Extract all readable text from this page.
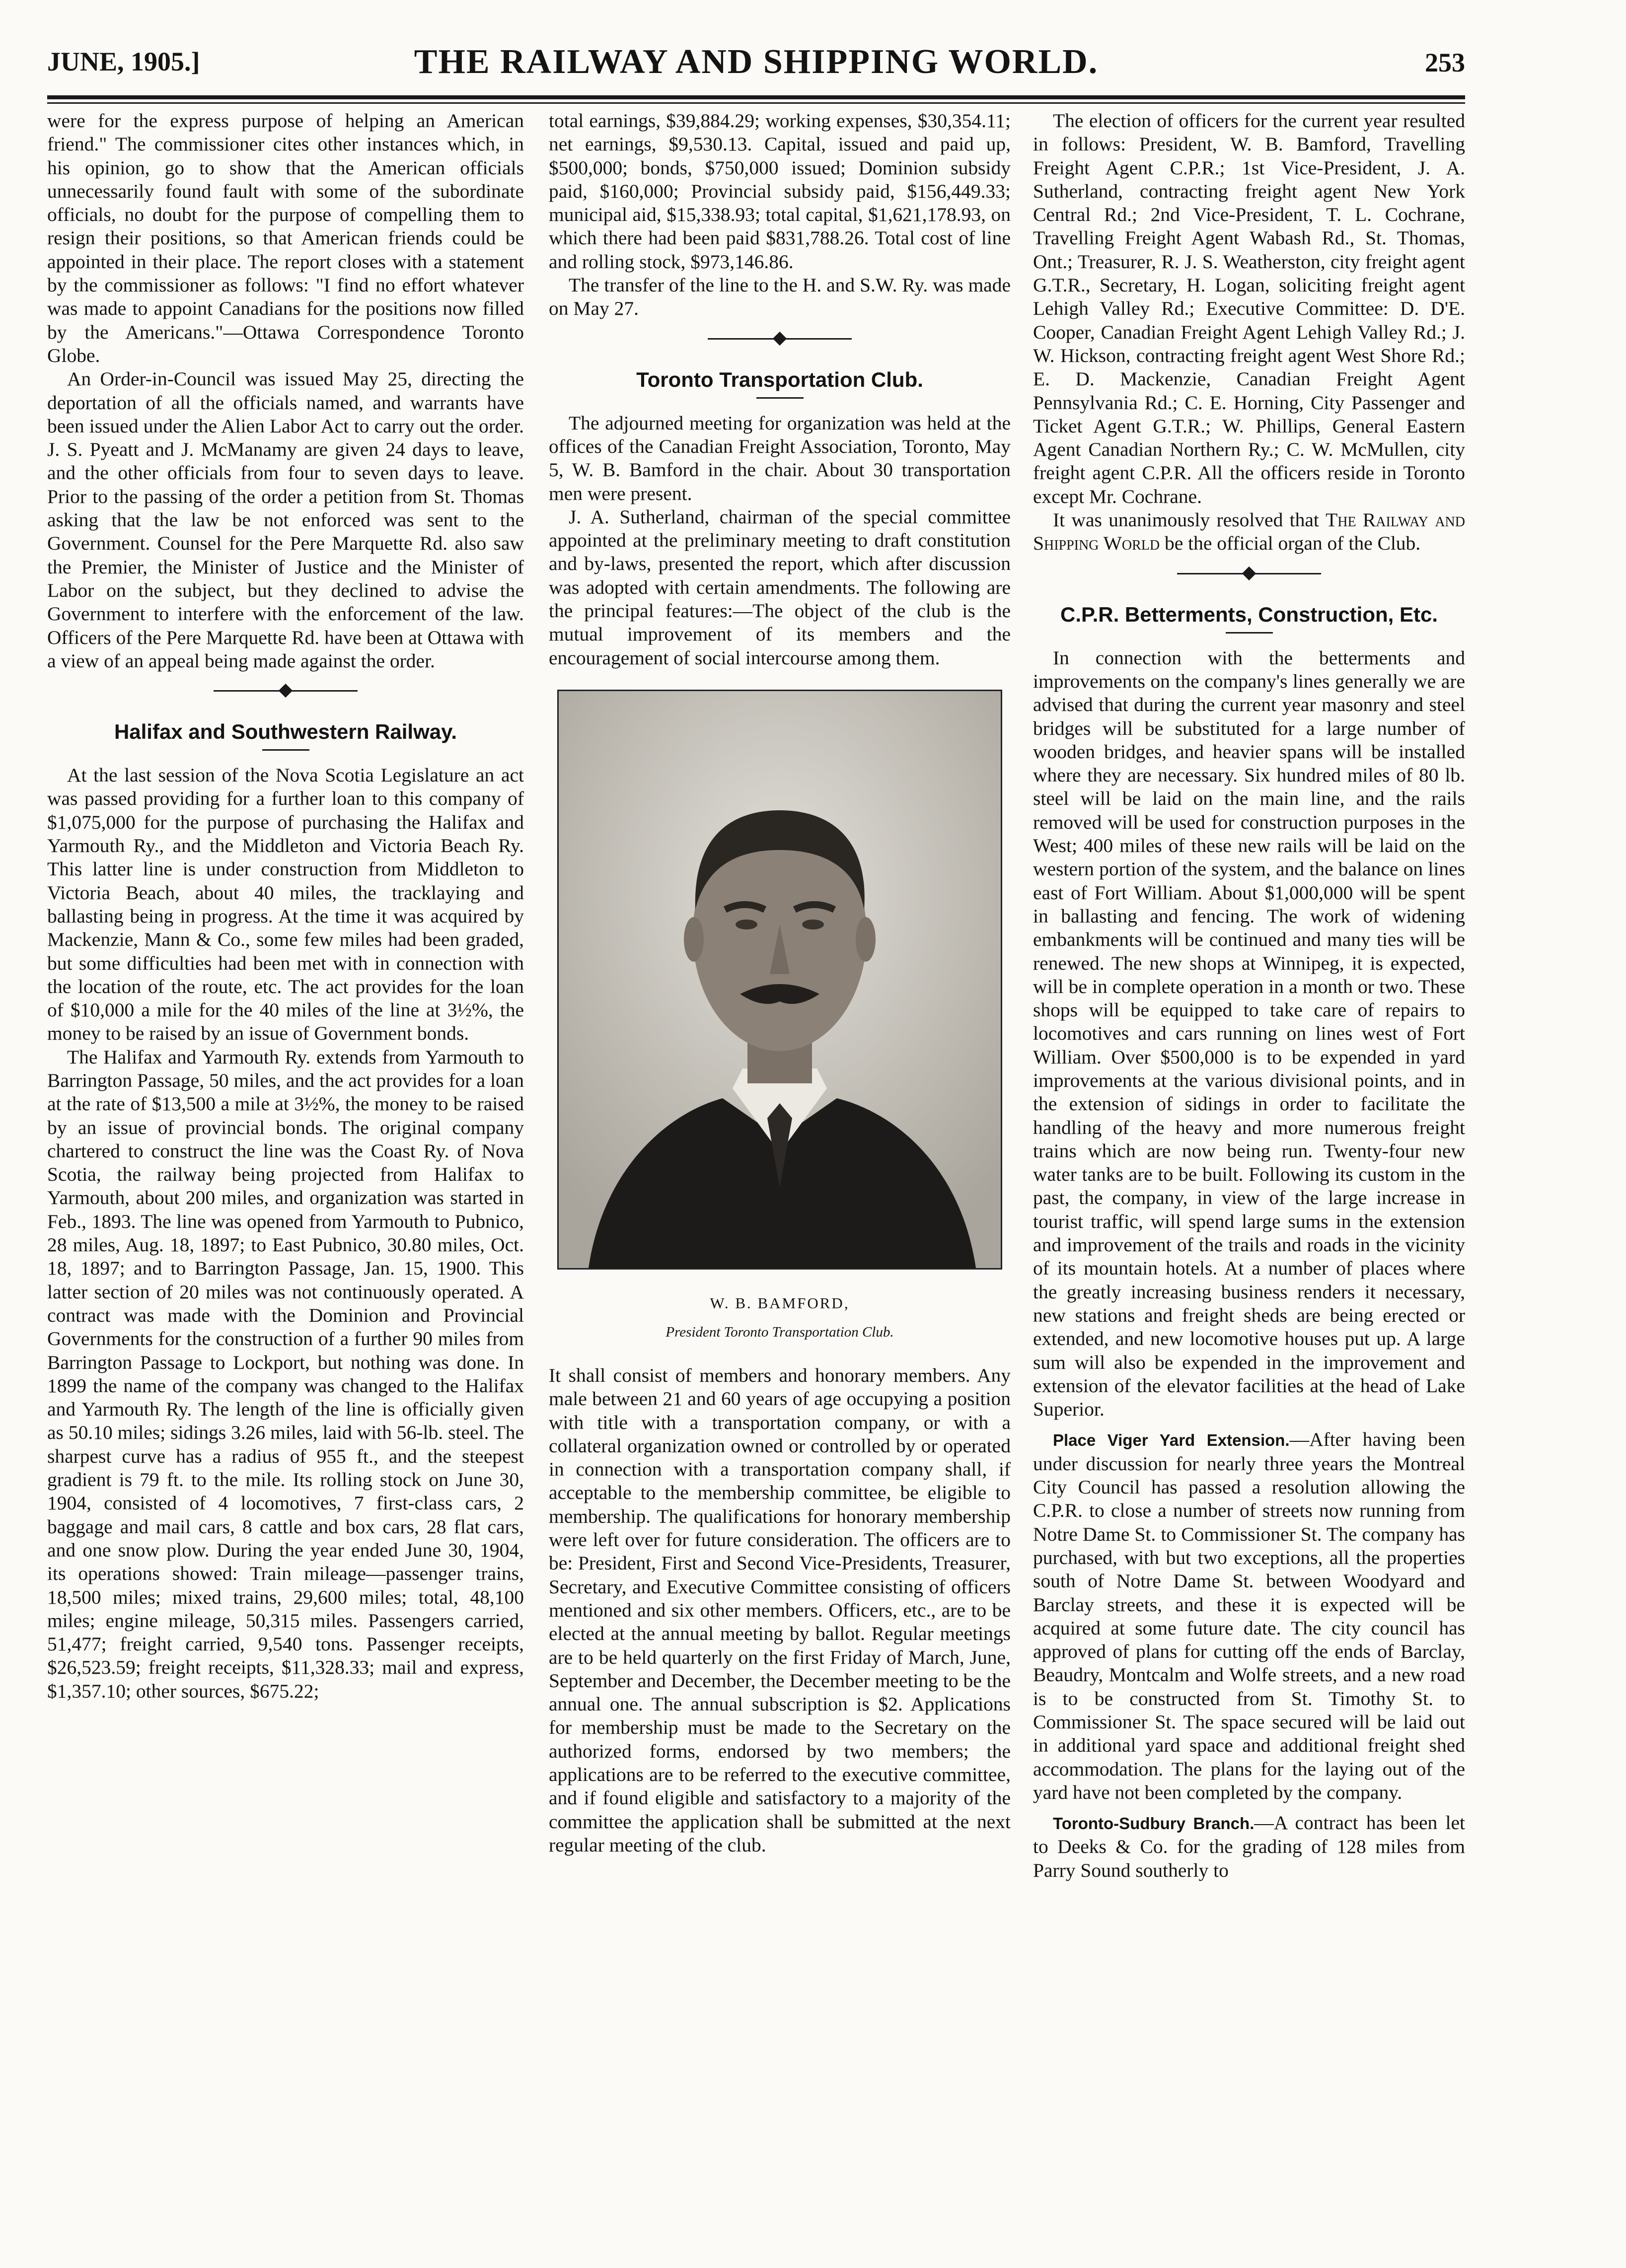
JUNE, 1905.]	THE RAILWAY AND SHIPPING WORLD.	253

were for the express purpose of helping an American friend." The commissioner cites other instances which, in his opinion, go to show that the American officials unnecessarily found fault with some of the subordinate officials, no doubt for the purpose of compelling them to resign their positions, so that American friends could be appointed in their place. The report closes with a statement by the commissioner as follows: "I find no effort whatever was made to appoint Canadians for the positions now filled by the Americans."—Ottawa Correspondence Toronto Globe.

An Order-in-Council was issued May 25, directing the deportation of all the officials named, and warrants have been issued under the Alien Labor Act to carry out the order. J. S. Pyeatt and J. McManamy are given 24 days to leave, and the other officials from four to seven days to leave. Prior to the passing of the order a petition from St. Thomas asking that the law be not enforced was sent to the Government. Counsel for the Pere Marquette Rd. also saw the Premier, the Minister of Justice and the Minister of Labor on the subject, but they declined to advise the Government to interfere with the enforcement of the law. Officers of the Pere Marquette Rd. have been at Ottawa with a view of an appeal being made against the order.

Halifax and Southwestern Railway.

At the last session of the Nova Scotia Legislature an act was passed providing for a further loan to this company of $1,075,000 for the purpose of purchasing the Halifax and Yarmouth Ry., and the Middleton and Victoria Beach Ry. This latter line is under construction from Middleton to Victoria Beach, about 40 miles, the tracklaying and ballasting being in progress. At the time it was acquired by Mackenzie, Mann & Co., some few miles had been graded, but some difficulties had been met with in connection with the location of the route, etc. The act provides for the loan of $10,000 a mile for the 40 miles of the line at 3½%, the money to be raised by an issue of Government bonds.

The Halifax and Yarmouth Ry. extends from Yarmouth to Barrington Passage, 50 miles, and the act provides for a loan at the rate of $13,500 a mile at 3½%, the money to be raised by an issue of provincial bonds. The original company chartered to construct the line was the Coast Ry. of Nova Scotia, the railway being projected from Halifax to Yarmouth, about 200 miles, and organization was started in Feb., 1893. The line was opened from Yarmouth to Pubnico, 28 miles, Aug. 18, 1897; to East Pubnico, 30.80 miles, Oct. 18, 1897; and to Barrington Passage, Jan. 15, 1900. This latter section of 20 miles was not continuously operated. A contract was made with the Dominion and Provincial Governments for the construction of a further 90 miles from Barrington Passage to Lockport, but nothing was done. In 1899 the name of the company was changed to the Halifax and Yarmouth Ry. The length of the line is officially given as 50.10 miles; sidings 3.26 miles, laid with 56-lb. steel. The sharpest curve has a radius of 955 ft., and the steepest gradient is 79 ft. to the mile. Its rolling stock on June 30, 1904, consisted of 4 locomotives, 7 first-class cars, 2 baggage and mail cars, 8 cattle and box cars, 28 flat cars, and one snow plow. During the year ended June 30, 1904, its operations showed: Train mileage—passenger trains, 18,500 miles; mixed trains, 29,600 miles; total, 48,100 miles; engine mileage, 50,315 miles. Passengers carried, 51,477; freight carried, 9,540 tons. Passenger receipts, $26,523.59; freight receipts, $11,328.33; mail and express, $1,357.10; other sources, $675.22;

total earnings, $39,884.29; working expenses, $30,354.11; net earnings, $9,530.13. Capital, issued and paid up, $500,000; bonds, $750,000 issued; Dominion subsidy paid, $160,000; Provincial subsidy paid, $156,449.33; municipal aid, $15,338.93; total capital, $1,621,178.93, on which there had been paid $831,788.26. Total cost of line and rolling stock, $973,146.86.

The transfer of the line to the H. and S.W. Ry. was made on May 27.

Toronto Transportation Club.

The adjourned meeting for organization was held at the offices of the Canadian Freight Association, Toronto, May 5, W. B. Bamford in the chair. About 30 transportation men were present.

J. A. Sutherland, chairman of the special committee appointed at the preliminary meeting to draft constitution and by-laws, presented the report, which after discussion was adopted with certain amendments. The following are the principal features:—The object of the club is the mutual improvement of its members and the encouragement of social intercourse among them.

W. B. BAMFORD,
President Toronto Transportation Club.

It shall consist of members and honorary members. Any male between 21 and 60 years of age occupying a position with title with a transportation company, or with a collateral organization owned or controlled by or operated in connection with a transportation company shall, if acceptable to the membership committee, be eligible to membership. The qualifications for honorary membership were left over for future consideration. The officers are to be: President, First and Second Vice-Presidents, Treasurer, Secretary, and Executive Committee consisting of officers mentioned and six other members. Officers, etc., are to be elected at the annual meeting by ballot. Regular meetings are to be held quarterly on the first Friday of March, June, September and December, the December meeting to be the annual one. The annual subscription is $2. Applications for membership must be made to the Secretary on the authorized forms, endorsed by two members; the applications are to be referred to the executive committee, and if found eligible and satisfactory to a majority of the committee the application shall be submitted at the next regular meeting of the club.

The election of officers for the current year resulted in follows: President, W. B. Bamford, Travelling Freight Agent C.P.R.; 1st Vice-President, J. A. Sutherland, contracting freight agent New York Central Rd.; 2nd Vice-President, T. L. Cochrane, Travelling Freight Agent Wabash Rd., St. Thomas, Ont.; Treasurer, R. J. S. Weatherston, city freight agent G.T.R., Secretary, H. Logan, soliciting freight agent Lehigh Valley Rd.; Executive Committee: D. D'E. Cooper, Canadian Freight Agent Lehigh Valley Rd.; J. W. Hickson, contracting freight agent West Shore Rd.; E. D. Mackenzie, Canadian Freight Agent Pennsylvania Rd.; C. E. Horning, City Passenger and Ticket Agent G.T.R.; W. Phillips, General Eastern Agent Canadian Northern Ry.; C. W. McMullen, city freight agent C.P.R. All the officers reside in Toronto except Mr. Cochrane.

It was unanimously resolved that The Railway and Shipping World be the official organ of the Club.

C.P.R. Betterments, Construction, Etc.

In connection with the betterments and improvements on the company's lines generally we are advised that during the current year masonry and steel bridges will be substituted for a large number of wooden bridges, and heavier spans will be installed where they are necessary. Six hundred miles of 80 lb. steel will be laid on the main line, and the rails removed will be used for construction purposes in the West; 400 miles of these new rails will be laid on the western portion of the system, and the balance on lines east of Fort William. About $1,000,000 will be spent in ballasting and fencing. The work of widening embankments will be continued and many ties will be renewed. The new shops at Winnipeg, it is expected, will be in complete operation in a month or two. These shops will be equipped to take care of repairs to locomotives and cars running on lines west of Fort William. Over $500,000 is to be expended in yard improvements at the various divisional points, and in the extension of sidings in order to facilitate the handling of the heavy and more numerous freight trains which are now being run. Twenty-four new water tanks are to be built. Following its custom in the past, the company, in view of the large increase in tourist traffic, will spend large sums in the extension and improvement of the trails and roads in the vicinity of its mountain hotels. At a number of places where the greatly increasing business renders it necessary, new stations and freight sheds are being erected or extended, and new locomotive houses put up. A large sum will also be expended in the improvement and extension of the elevator facilities at the head of Lake Superior.

Place Viger Yard Extension.—After having been under discussion for nearly three years the Montreal City Council has passed a resolution allowing the C.P.R. to close a number of streets now running from Notre Dame St. to Commissioner St. The company has purchased, with but two exceptions, all the properties south of Notre Dame St. between Woodyard and Barclay streets, and these it is expected will be acquired at some future date. The city council has approved of plans for cutting off the ends of Barclay, Beaudry, Montcalm and Wolfe streets, and a new road is to be constructed from St. Timothy St. to Commissioner St. The space secured will be laid out in additional yard space and additional freight shed accommodation. The plans for the laying out of the yard have not been completed by the company.

Toronto-Sudbury Branch.—A contract has been let to Deeks & Co. for the grading of 128 miles from Parry Sound southerly to
